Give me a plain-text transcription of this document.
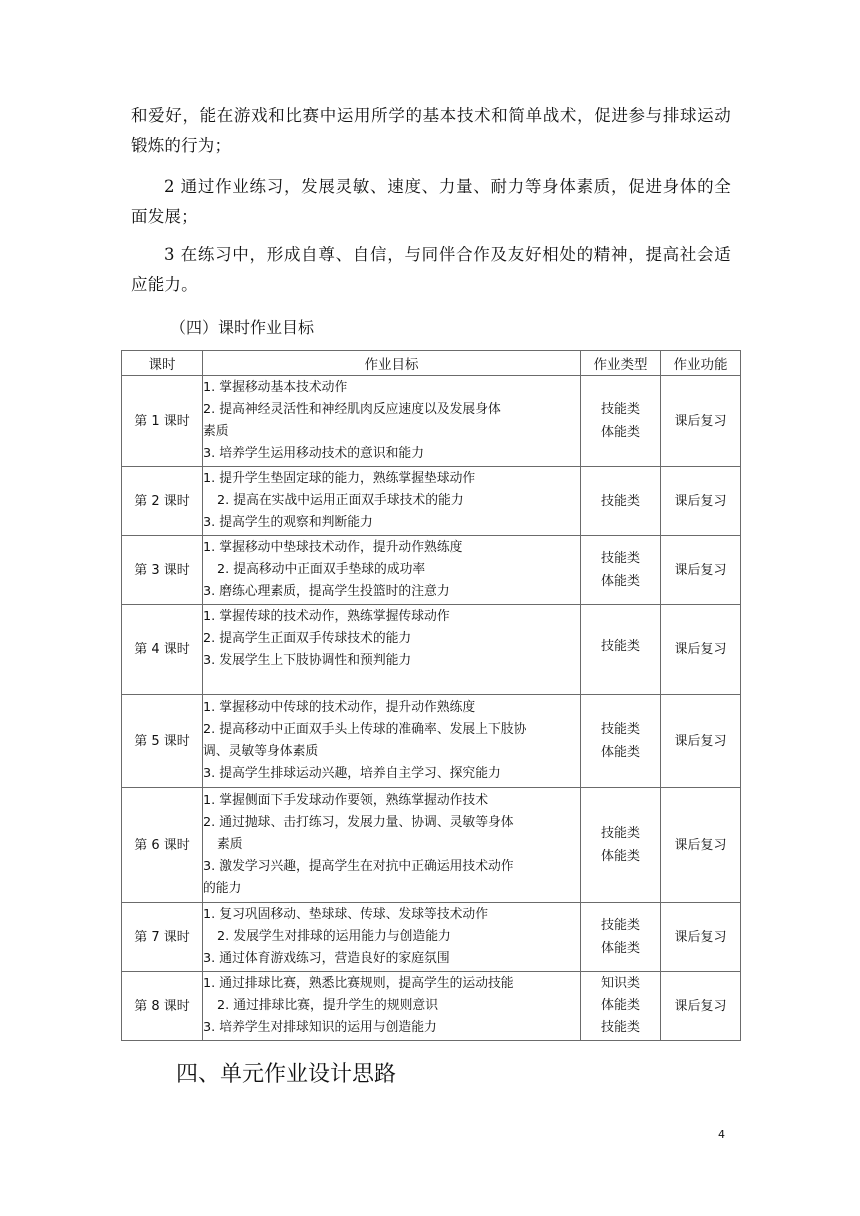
和爱好，能在游戏和比赛中运用所学的基本技术和简单战术，促进参与排球运动锻炼的行为；

2 通过作业练习，发展灵敏、速度、力量、耐力等身体素质，促进身体的全面发展；

3 在练习中，形成自尊、自信，与同伴合作及友好相处的精神，提高社会适应能力。

（四）课时作业目标

课时	作业目标	作业类型	作业功能
第 1 课时	1. 掌握移动基本技术动作
2. 提高神经灵活性和神经肌肉反应速度以及发展身体
素质
3. 培养学生运用移动技术的意识和能力	技能类
体能类	课后复习
第 2 课时	1. 提升学生垫固定球的能力，熟练掌握垫球动作
2. 提高在实战中运用正面双手球技术的能力
3. 提高学生的观察和判断能力	技能类	课后复习
第 3 课时	1. 掌握移动中垫球技术动作，提升动作熟练度
2. 提高移动中正面双手垫球的成功率
3. 磨练心理素质，提高学生投篮时的注意力	技能类
体能类	课后复习
第 4 课时	1. 掌握传球的技术动作，熟练掌握传球动作
2. 提高学生正面双手传球技术的能力
3. 发展学生上下肢协调性和预判能力	技能类	课后复习
第 5 课时	1. 掌握移动中传球的技术动作，提升动作熟练度
2. 提高移动中正面双手头上传球的准确率、发展上下肢协
调、灵敏等身体素质
3. 提高学生排球运动兴趣，培养自主学习、探究能力	技能类
体能类	课后复习
第 6 课时	1. 掌握侧面下手发球动作要领，熟练掌握动作技术
2. 通过抛球、击打练习，发展力量、协调、灵敏等身体
素质
3. 激发学习兴趣，提高学生在对抗中正确运用技术动作
的能力	技能类
体能类	课后复习
第 7 课时	1. 复习巩固移动、垫球球、传球、发球等技术动作
2. 发展学生对排球的运用能力与创造能力
3. 通过体育游戏练习，营造良好的家庭氛围	技能类
体能类	课后复习
第 8 课时	1. 通过排球比赛，熟悉比赛规则，提高学生的运动技能
2. 通过排球比赛，提升学生的规则意识
3. 培养学生对排球知识的运用与创造能力	知识类
体能类
技能类	课后复习
四、单元作业设计思路
4
